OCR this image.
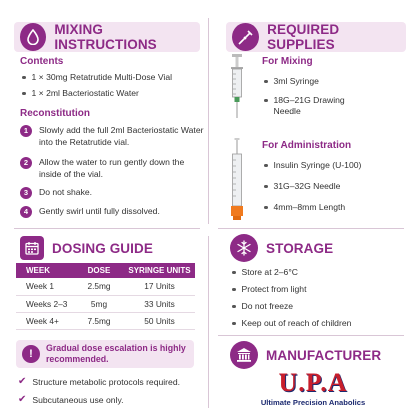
MIXING INSTRUCTIONS
Contents
1 × 30mg Retatrutide Multi-Dose Vial
1 × 2ml Bacteriostatic Water
Reconstitution
1	Slowly add the full 2ml Bacteriostatic Water into the Retatrutide vial.
2	Allow the water to run gently down the inside of the vial.
3	Do not shake.
4	Gently swirl until fully dissolved.
REQUIRED SUPPLIES
For Mixing
3ml Syringe
18G–21G Drawing Needle
For Administration
Insulin Syringe (U-100)
31G–32G Needle
4mm–8mm Length
DOSING GUIDE
WEEK	DOSE	SYRINGE UNITS
Week 1	2.5mg	17 Units
Weeks 2–3	5mg	33 Units
Week 4+	7.5mg	50 Units
!	Gradual dose escalation is highly recommended.
✔ Structure metabolic protocols required.
✔ Subcutaneous use only.
STORAGE
Store at 2–6°C
Protect from light
Do not freeze
Keep out of reach of children
MANUFACTURER
U.P.A
Ultimate Precision Anabolics
